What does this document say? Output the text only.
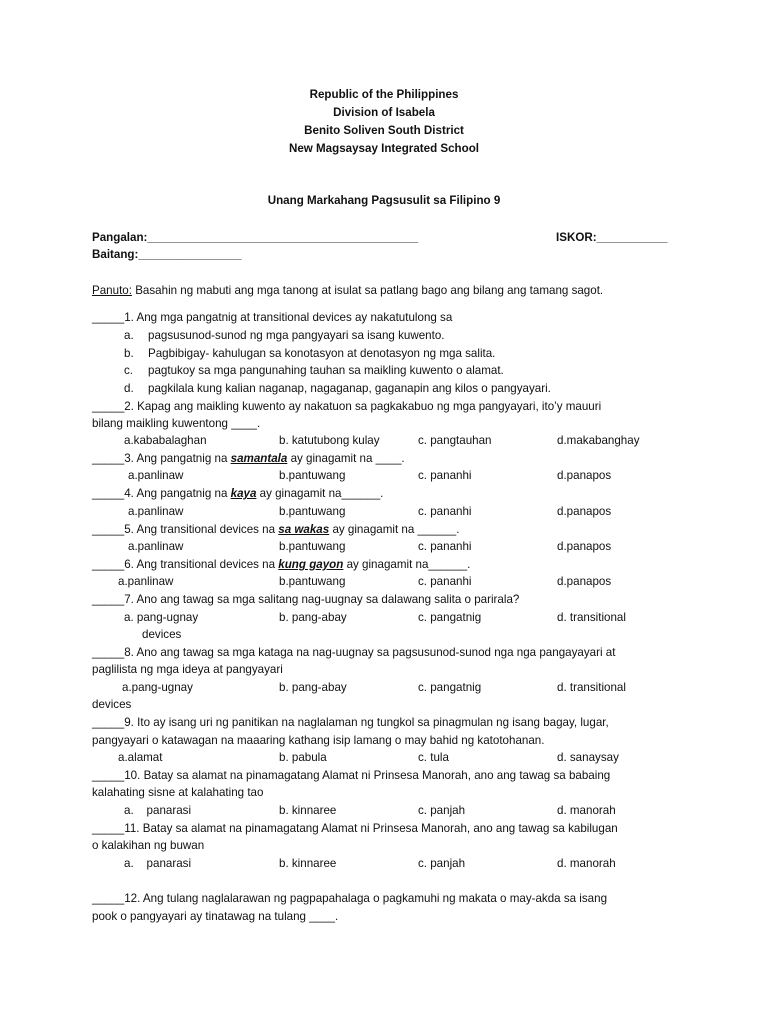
Republic of the Philippines
Division of Isabela
Benito Soliven South District
New Magsaysay Integrated School
Unang Markahang Pagsusulit sa Filipino 9
Pangalan:__________________________________________	ISKOR:___________
Baitang:________________
Panuto: Basahin ng mabuti ang mga tanong at isulat sa patlang bago ang bilang ang tamang sagot.
_____1. Ang mga pangatnig at transitional devices ay nakatutulong sa
a. pagsusunod-sunod ng mga pangyayari sa isang kuwento.
b. Pagbibigay- kahulugan sa konotasyon at denotasyon ng mga salita.
c. pagtukoy sa mga pangunahing tauhan sa maikling kuwento o alamat.
d. pagkilala kung kalian naganap, nagaganap, gaganapin ang kilos o pangyayari.
_____2. Kapag ang maikling kuwento ay nakatuon sa pagkakabuo ng mga pangyayari, ito’y mauuri
bilang maikling kuwentong ____.
a.kababalaghan	b. katutubong kulay	c. pangtauhan	d.makabanghay
_____3. Ang pangatnig na samantala ay ginagamit na ____.
a.panlinaw	b.pantuwang	c. pananhi	d.panapos
_____4. Ang pangatnig na kaya ay ginagamit na______.
a.panlinaw	b.pantuwang	c. pananhi	d.panapos
_____5. Ang transitional devices na sa wakas ay ginagamit na ______.
a.panlinaw	b.pantuwang	c. pananhi	d.panapos
_____6. Ang transitional devices na kung gayon ay ginagamit na______.
a.panlinaw	b.pantuwang	c. pananhi	d.panapos
_____7. Ano ang tawag sa mga salitang nag-uugnay sa dalawang salita o parirala?
a. pang-ugnay	b. pang-abay	c. pangatnig	d. transitional
devices
_____8. Ano ang tawag sa mga kataga na nag-uugnay sa pagsusunod-sunod nga nga pangayayari at
paglilista ng mga ideya at pangyayari
a.pang-ugnay	b. pang-abay	c. pangatnig	d. transitional
devices
_____9. Ito ay isang uri ng panitikan na naglalaman ng tungkol sa pinagmulan ng isang bagay, lugar,
pangyayari o katawagan na maaaring kathang isip lamang o may bahid ng katotohanan.
a.alamat	b. pabula	c. tula	d. sanaysay
_____10. Batay sa alamat na pinamagatang Alamat ni Prinsesa Manorah, ano ang tawag sa babaing
kalahating sisne at kalahating tao
a.    panarasi	b. kinnaree	c. panjah	d. manorah
_____11. Batay sa alamat na pinamagatang Alamat ni Prinsesa Manorah, ano ang tawag sa kabilugan
o kalakihan ng buwan
a.    panarasi	b. kinnaree	c. panjah	d. manorah
_____12. Ang tulang naglalarawan ng pagpapahalaga o pagkamuhi ng makata o may-akda sa isang
pook o pangyayari ay tinatawag na tulang ____.
